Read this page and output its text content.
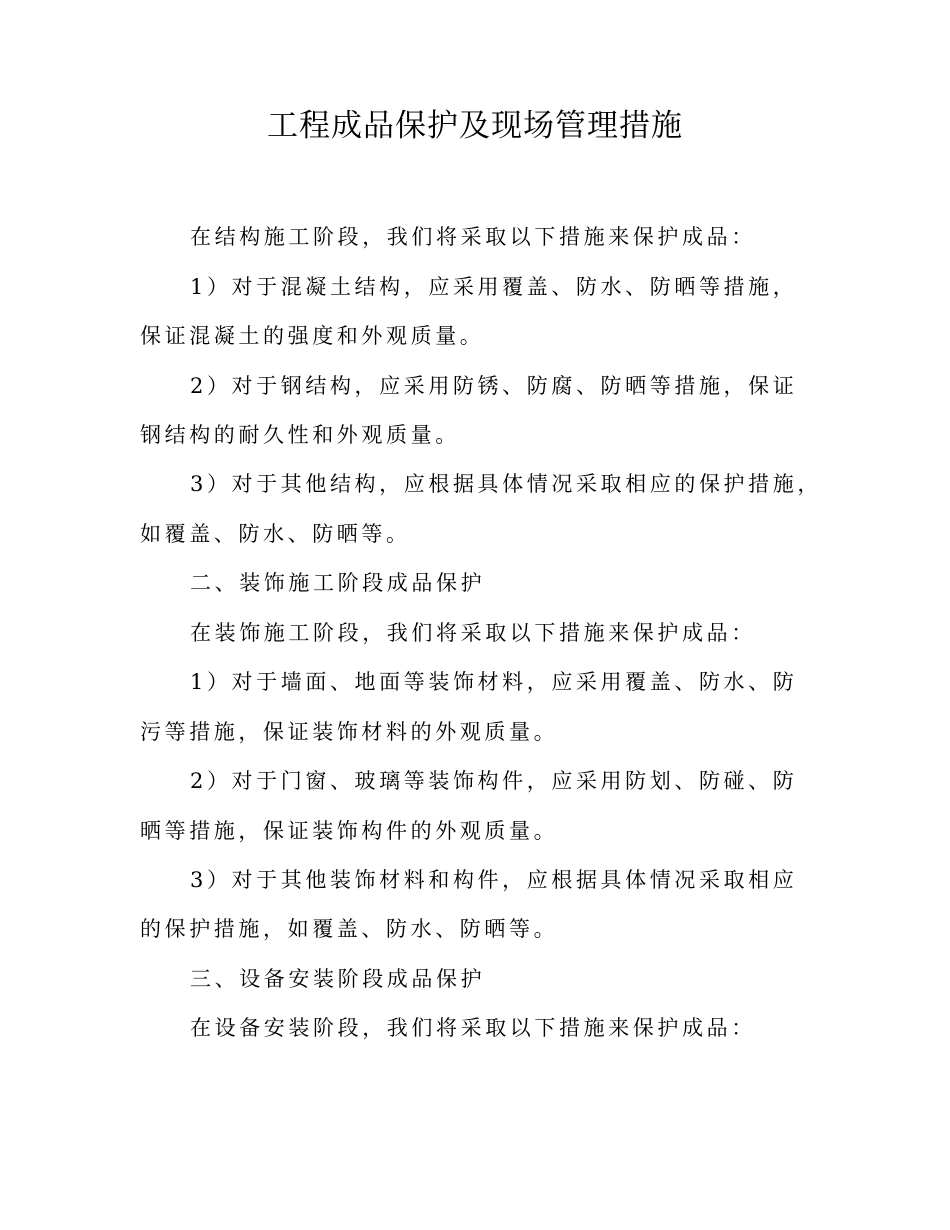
工程成品保护及现场管理措施
在结构施工阶段，我们将采取以下措施来保护成品：
1）对于混凝土结构，应采用覆盖、防水、防晒等措施，
保证混凝土的强度和外观质量。
2）对于钢结构，应采用防锈、防腐、防晒等措施，保证
钢结构的耐久性和外观质量。
3）对于其他结构，应根据具体情况采取相应的保护措施，
如覆盖、防水、防晒等。
二、装饰施工阶段成品保护
在装饰施工阶段，我们将采取以下措施来保护成品：
1）对于墙面、地面等装饰材料，应采用覆盖、防水、防
污等措施，保证装饰材料的外观质量。
2）对于门窗、玻璃等装饰构件，应采用防划、防碰、防
晒等措施，保证装饰构件的外观质量。
3）对于其他装饰材料和构件，应根据具体情况采取相应
的保护措施，如覆盖、防水、防晒等。
三、设备安装阶段成品保护
在设备安装阶段，我们将采取以下措施来保护成品：
